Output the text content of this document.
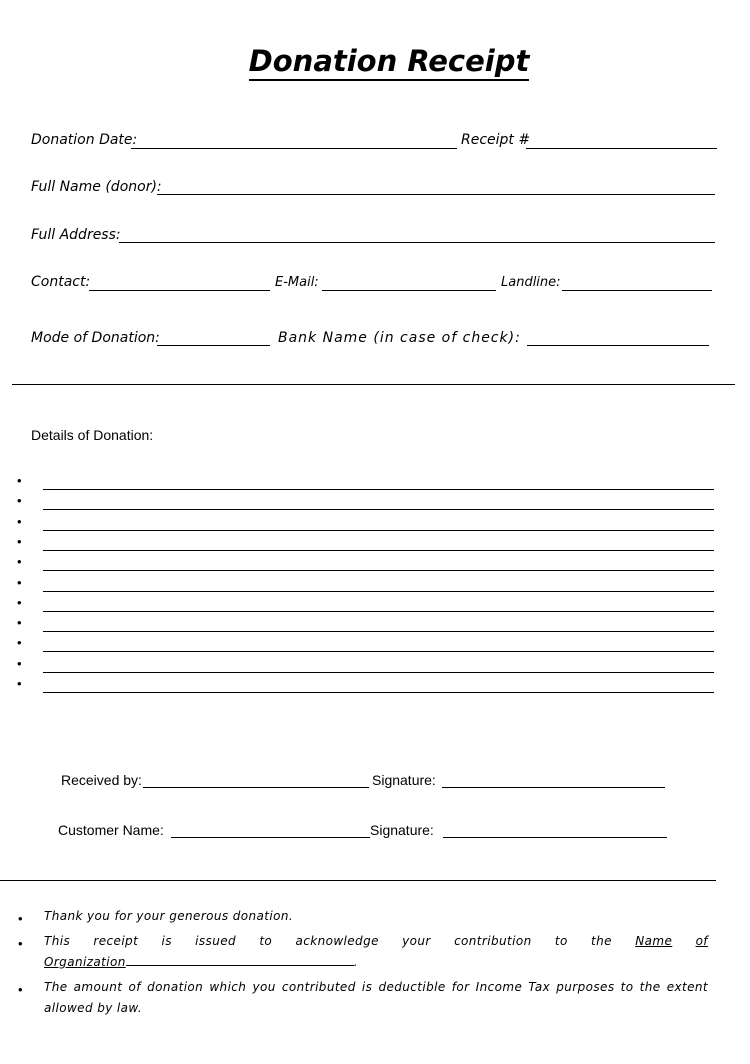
Donation Receipt
Donation Date:	Receipt #
Full Name (donor):
Full Address:
Contact:	E-Mail:	Landline:
Mode of Donation:	Bank Name (in case of check):
Details of Donation:
•
•
•
•
•
•
•
•
•
•
•
Received by:	Signature:
Customer Name:	Signature:
• Thank you for your generous donation.
• This receipt is issued to acknowledge your contribution to the Name of
Organization	.
• The amount of donation which you contributed is deductible for Income Tax purposes to the extent allowed by law.
